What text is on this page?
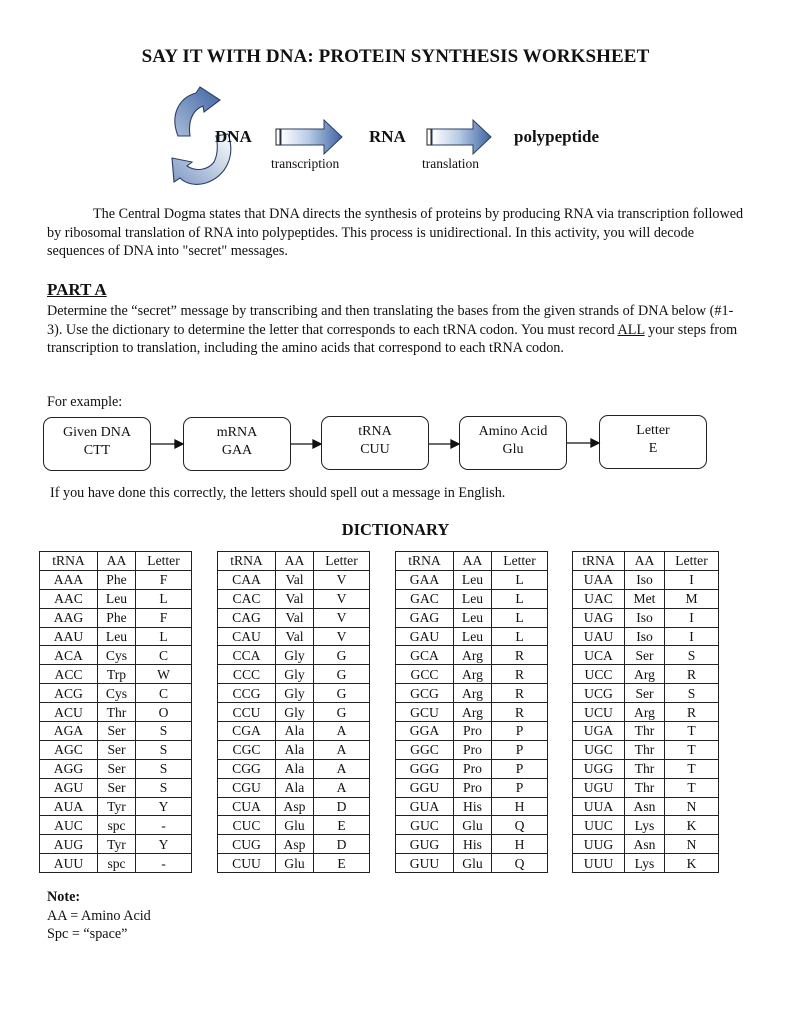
SAY IT WITH DNA: PROTEIN SYNTHESIS WORKSHEET
DNA	RNA	polypeptide
transcription	translation
The Central Dogma states that DNA directs the synthesis of proteins by producing RNA via transcription followed by ribosomal translation of RNA into polypeptides. This process is unidirectional. In this activity, you will decode sequences of DNA into "secret" messages.
PART A
Determine the “secret” message by transcribing and then translating the bases from the given strands of DNA below (#1-3). Use the dictionary to determine the letter that corresponds to each tRNA codon. You must record ALL your steps from transcription to translation, including the amino acids that correspond to each tRNA codon.
For example:
Given DNA
CTT
mRNA
GAA
tRNA
CUU
Amino Acid
Glu
Letter
E
If you have done this correctly, the letters should spell out a message in English.
DICTIONARY
tRNA	AA	Letter
AAA	Phe	F
AAC	Leu	L
AAG	Phe	F
AAU	Leu	L
ACA	Cys	C
ACC	Trp	W
ACG	Cys	C
ACU	Thr	O
AGA	Ser	S
AGC	Ser	S
AGG	Ser	S
AGU	Ser	S
AUA	Tyr	Y
AUC	spc	-
AUG	Tyr	Y
AUU	spc	-
tRNA	AA	Letter
CAA	Val	V
CAC	Val	V
CAG	Val	V
CAU	Val	V
CCA	Gly	G
CCC	Gly	G
CCG	Gly	G
CCU	Gly	G
CGA	Ala	A
CGC	Ala	A
CGG	Ala	A
CGU	Ala	A
CUA	Asp	D
CUC	Glu	E
CUG	Asp	D
CUU	Glu	E
tRNA	AA	Letter
GAA	Leu	L
GAC	Leu	L
GAG	Leu	L
GAU	Leu	L
GCA	Arg	R
GCC	Arg	R
GCG	Arg	R
GCU	Arg	R
GGA	Pro	P
GGC	Pro	P
GGG	Pro	P
GGU	Pro	P
GUA	His	H
GUC	Glu	Q
GUG	His	H
GUU	Glu	Q
tRNA	AA	Letter
UAA	Iso	I
UAC	Met	M
UAG	Iso	I
UAU	Iso	I
UCA	Ser	S
UCC	Arg	R
UCG	Ser	S
UCU	Arg	R
UGA	Thr	T
UGC	Thr	T
UGG	Thr	T
UGU	Thr	T
UUA	Asn	N
UUC	Lys	K
UUG	Asn	N
UUU	Lys	K
Note:
AA = Amino Acid
Spc = “space”
